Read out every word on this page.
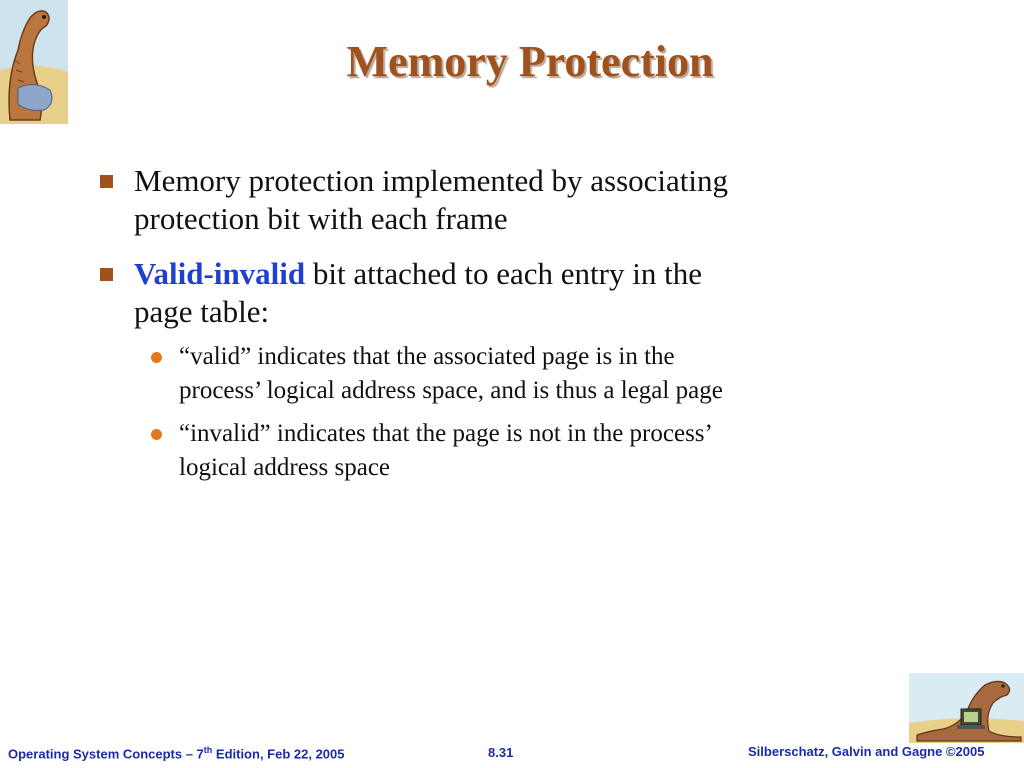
Memory Protection
Memory protection implemented by associating
protection bit with each frame
Valid-invalid bit attached to each entry in the
page table:
“valid” indicates that the associated page is in the
process’ logical address space, and is thus a legal page
“invalid” indicates that the page is not in the process’
logical address space
Operating System Concepts – 7th Edition, Feb 22, 2005	8.31	Silberschatz, Galvin and Gagne ©2005
